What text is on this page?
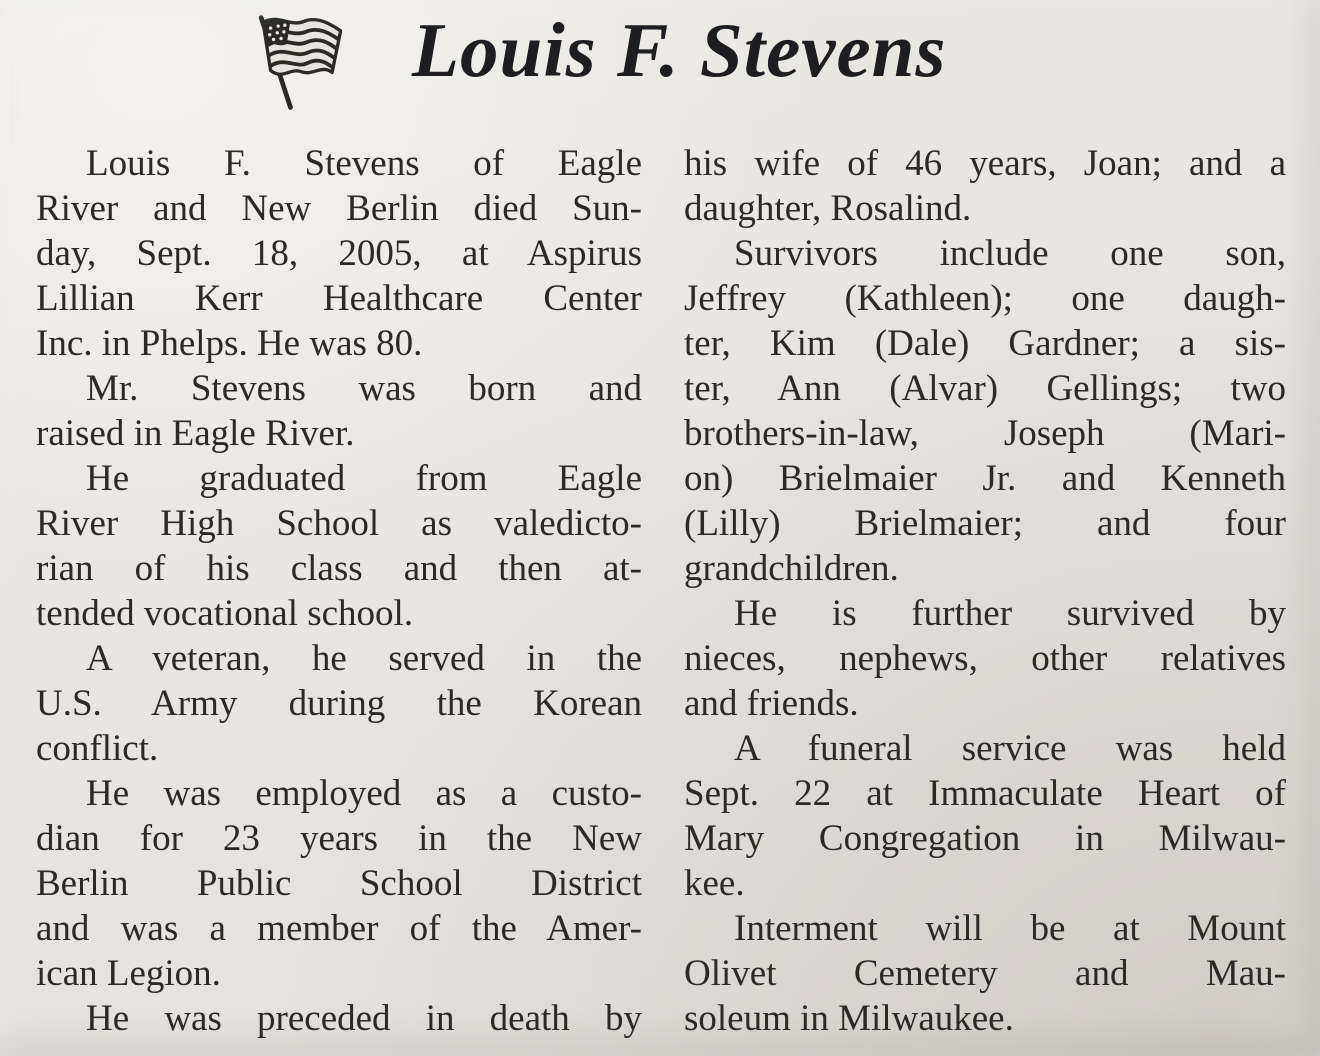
Louis F. Stevens
Louis F. Stevens of Eagle
River and New Berlin died Sun-
day, Sept. 18, 2005, at Aspirus
Lillian Kerr Healthcare Center
Inc. in Phelps. He was 80.
Mr. Stevens was born and
raised in Eagle River.
He graduated from Eagle
River High School as valedicto-
rian of his class and then at-
tended vocational school.
A veteran, he served in the
U.S. Army during the Korean
conflict.
He was employed as a custo-
dian for 23 years in the New
Berlin Public School District
and was a member of the Amer-
ican Legion.
He was preceded in death by
his wife of 46 years, Joan; and a
daughter, Rosalind.
Survivors include one son,
Jeffrey (Kathleen); one daugh-
ter, Kim (Dale) Gardner; a sis-
ter, Ann (Alvar) Gellings; two
brothers-in-law, Joseph (Mari-
on) Brielmaier Jr. and Kenneth
(Lilly) Brielmaier; and four
grandchildren.
He is further survived by
nieces, nephews, other relatives
and friends.
A funeral service was held
Sept. 22 at Immaculate Heart of
Mary Congregation in Milwau-
kee.
Interment will be at Mount
Olivet Cemetery and Mau-
soleum in Milwaukee.
